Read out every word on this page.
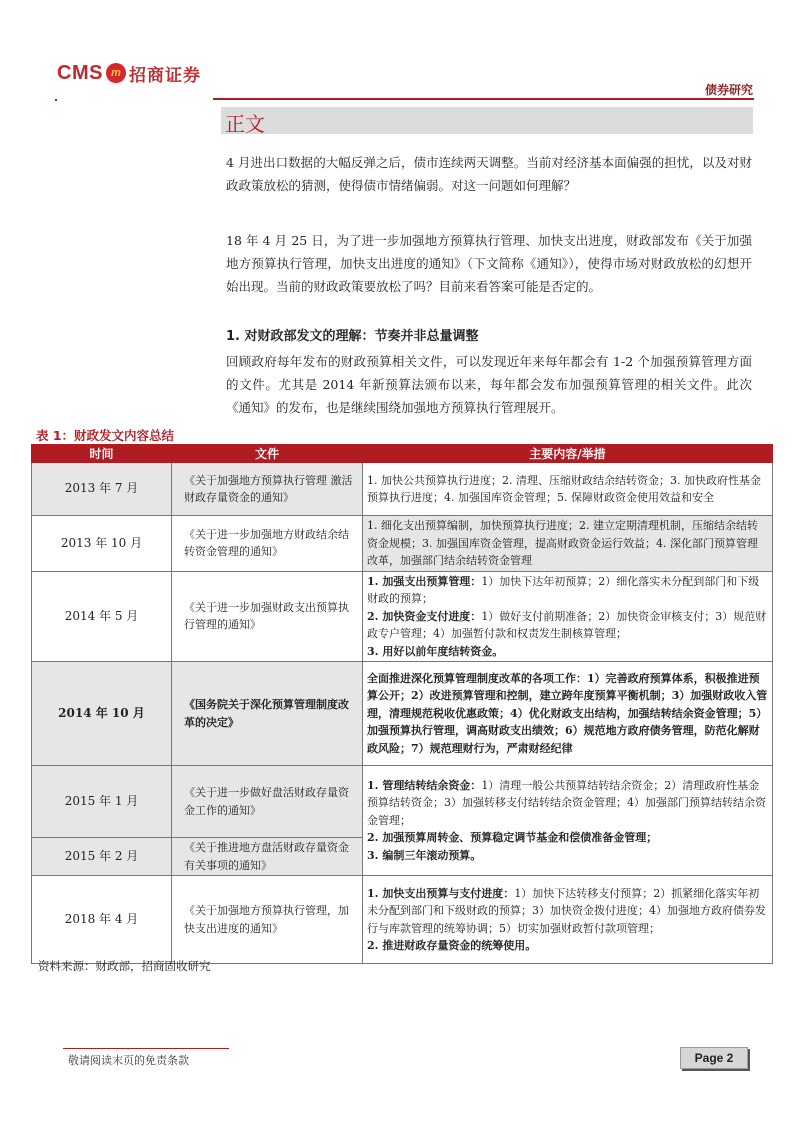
CMS m 招商证券
债券研究
正文
4 月进出口数据的大幅反弹之后，债市连续两天调整。当前对经济基本面偏强的担忧，以及对财政政策放松的猜测，使得债市情绪偏弱。对这一问题如何理解？
18 年 4 月 25 日，为了进一步加强地方预算执行管理、加快支出进度，财政部发布《关于加强地方预算执行管理，加快支出进度的通知》（下文简称《通知》），使得市场对财政放松的幻想开始出现。当前的财政政策要放松了吗？目前来看答案可能是否定的。
1. 对财政部发文的理解：节奏并非总量调整
回顾政府每年发布的财政预算相关文件，可以发现近年来每年都会有 1-2 个加强预算管理方面的文件。尤其是 2014 年新预算法颁布以来，每年都会发布加强预算管理的相关文件。此次《通知》的发布，也是继续围绕加强地方预算执行管理展开。
表 1：财政发文内容总结
时间	文件	主要内容/举措
2013 年 7 月	《关于加强地方预算执行管理 激活财政存量资金的通知》	1. 加快公共预算执行进度；2. 清理、压缩财政结余结转资金；3. 加快政府性基金预算执行进度；4. 加强国库资金管理；5. 保障财政资金使用效益和安全
2013 年 10 月	《关于进一步加强地方财政结余结转资金管理的通知》	1. 细化支出预算编制，加快预算执行进度；2. 建立定期清理机制，压缩结余结转资金规模；3. 加强国库资金管理，提高财政资金运行效益；4. 深化部门预算管理改革，加强部门结余结转资金管理
2014 年 5 月	《关于进一步加强财政支出预算执行管理的通知》	1. 加强支出预算管理：1）加快下达年初预算；2）细化落实未分配到部门和下级财政的预算；
2. 加快资金支付进度：1）做好支付前期准备；2）加快资金审核支付；3）规范财政专户管理；4）加强暂付款和权责发生制核算管理；
3. 用好以前年度结转资金。
2014 年 10 月	《国务院关于深化预算管理制度改革的决定》	全面推进深化预算管理制度改革的各项工作：1）完善政府预算体系，积极推进预算公开；2）改进预算管理和控制，建立跨年度预算平衡机制；3）加强财政收入管理，清理规范税收优惠政策；4）优化财政支出结构，加强结转结余资金管理；5）加强预算执行管理，调高财政支出绩效；6）规范地方政府债务管理，防范化解财政风险；7）规范理财行为，严肃财经纪律
2015 年 1 月	《关于进一步做好盘活财政存量资金工作的通知》	1. 管理结转结余资金：1）清理一般公共预算结转结余资金；2）清理政府性基金预算结转资金；3）加强转移支付结转结余资金管理；4）加强部门预算结转结余资金管理；
2. 加强预算周转金、预算稳定调节基金和偿债准备金管理；
3. 编制三年滚动预算。
2015 年 2 月	《关于推进地方盘活财政存量资金有关事项的通知》	
2018 年 4 月	《关于加强地方预算执行管理，加快支出进度的通知》	1. 加快支出预算与支付进度：1）加快下达转移支付预算；2）抓紧细化落实年初未分配到部门和下级财政的预算；3）加快资金拨付进度；4）加强地方政府债券发行与库款管理的统筹协调；5）切实加强财政暂付款项管理；
2. 推进财政存量资金的统筹使用。
资料来源：财政部，招商固收研究
敬请阅读末页的免责条款	Page 2
